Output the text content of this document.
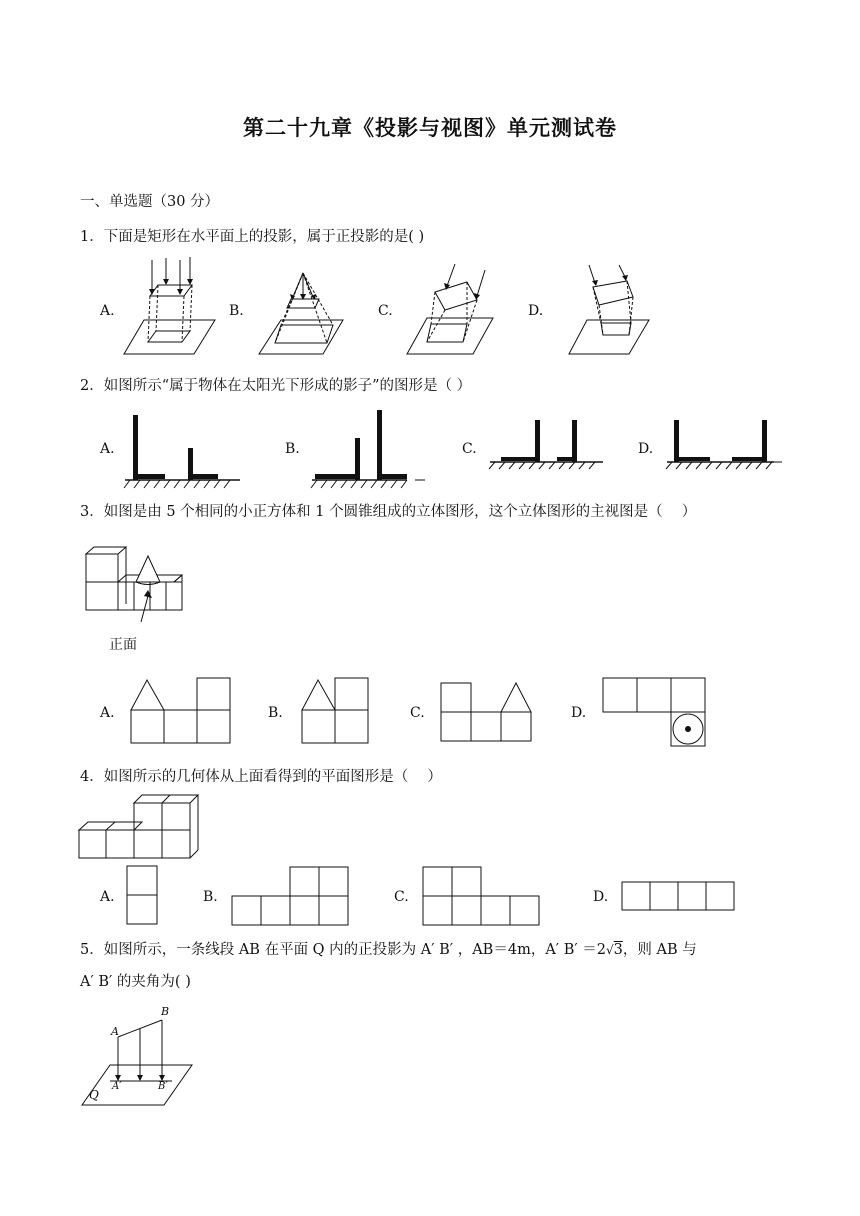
第二十九章《投影与视图》单元测试卷
一、单选题（30 分）
1．下面是矩形在水平面上的投影，属于正投影的是( )
A.	B.	C.	D.
2．如图所示“属于物体在太阳光下形成的影子”的图形是（ ）
A.	B.	C.	D.
3．如图是由 5 个相同的小正方体和 1 个圆锥组成的立体图形，这个立体图形的主视图是（　 ）
正面
A.	B.	C.	D.
4．如图所示的几何体从上面看得到的平面图形是（　 ）
A.	B.	C.	D.
5．如图所示，一条线段 AB 在平面 Q 内的正投影为 A′ B′ ，AB＝4m，A′ B′ ＝2√3，则 AB 与
A′ B′ 的夹角为( )
A
B
A′	B′
Q
